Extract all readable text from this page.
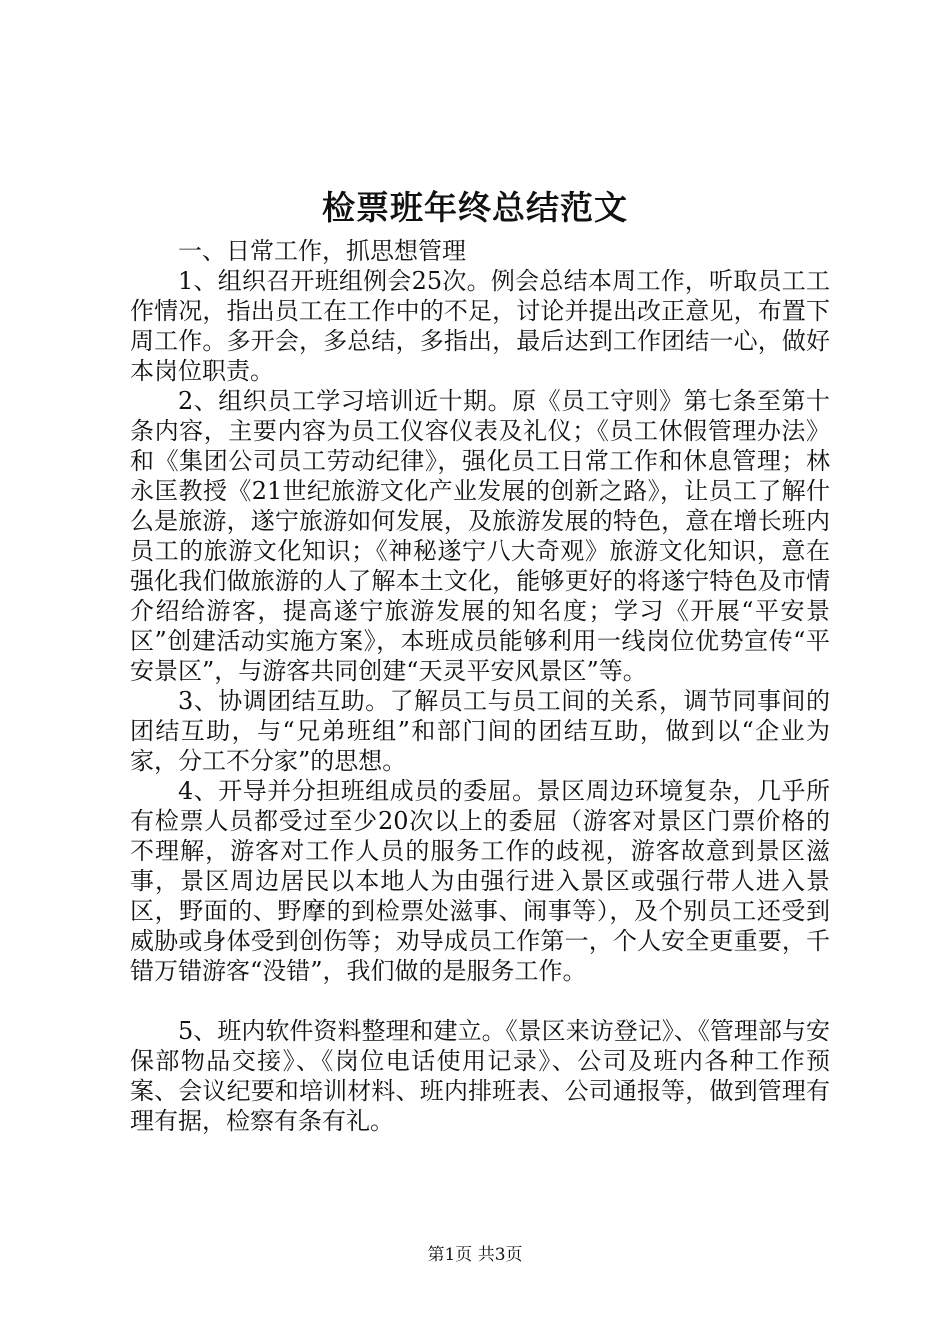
检票班年终总结范文

一、日常工作，抓思想管理

1、组织召开班组例会25次。例会总结本周工作，听取员工工作情况，指出员工在工作中的不足，讨论并提出改正意见，布置下周工作。多开会，多总结，多指出，最后达到工作团结一心，做好本岗位职责。

2、组织员工学习培训近十期。原《员工守则》第七条至第十条内容，主要内容为员工仪容仪表及礼仪；《员工休假管理办法》和《集团公司员工劳动纪律》，强化员工日常工作和休息管理；林永匡教授《21世纪旅游文化产业发展的创新之路》，让员工了解什么是旅游，遂宁旅游如何发展，及旅游发展的特色，意在增长班内员工的旅游文化知识；《神秘遂宁八大奇观》旅游文化知识，意在强化我们做旅游的人了解本土文化，能够更好的将遂宁特色及市情介绍给游客，提高遂宁旅游发展的知名度；学习《开展“平安景区”创建活动实施方案》，本班成员能够利用一线岗位优势宣传“平安景区”，与游客共同创建“天灵平安风景区”等。

3、协调团结互助。了解员工与员工间的关系，调节同事间的团结互助，与“兄弟班组”和部门间的团结互助，做到以“企业为家，分工不分家”的思想。

4、开导并分担班组成员的委屈。景区周边环境复杂，几乎所有检票人员都受过至少20次以上的委屈（游客对景区门票价格的不理解，游客对工作人员的服务工作的歧视，游客故意到景区滋事，景区周边居民以本地人为由强行进入景区或强行带人进入景区，野面的、野摩的到检票处滋事、闹事等），及个别员工还受到威胁或身体受到创伤等；劝导成员工作第一，个人安全更重要，千错万错游客“没错”，我们做的是服务工作。

5、班内软件资料整理和建立。《景区来访登记》、《管理部与安保部物品交接》、《岗位电话使用记录》、公司及班内各种工作预案、会议纪要和培训材料、班内排班表、公司通报等，做到管理有理有据，检察有条有礼。

第1页 共3页
